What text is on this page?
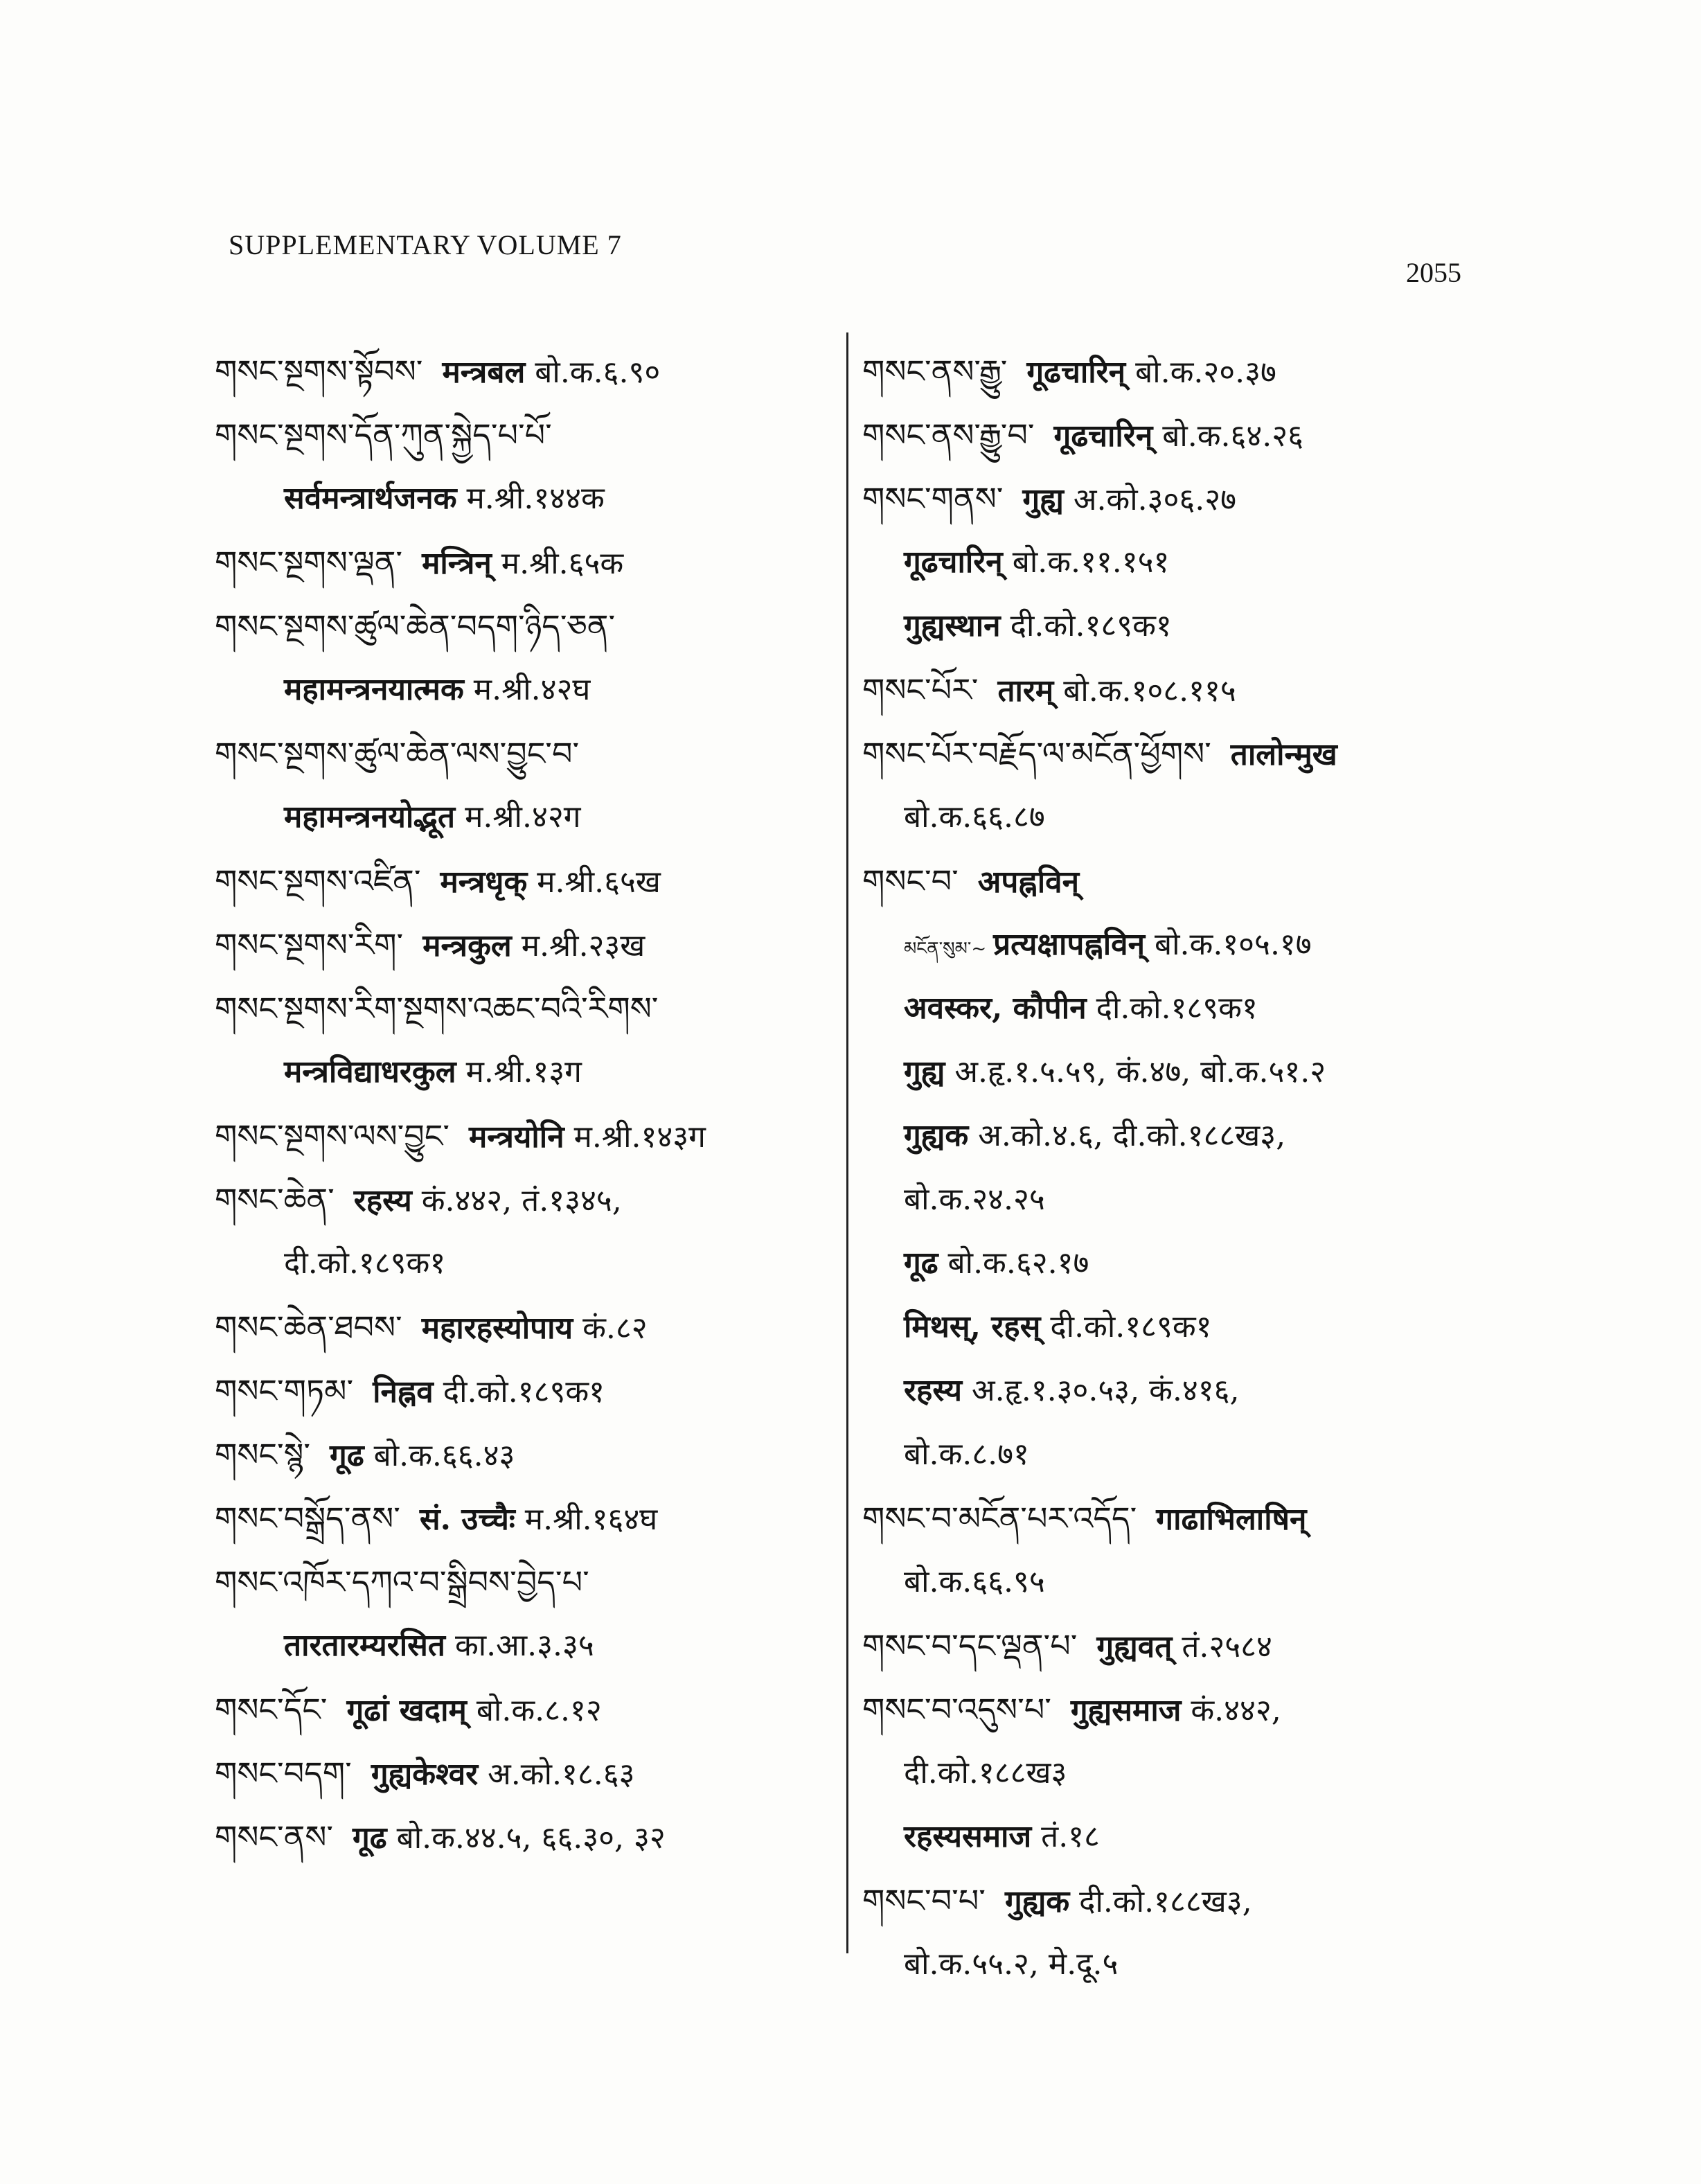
SUPPLEMENTARY VOLUME 7
2055
གསང་སྔགས་སྟོབས་ मन्त्रबल बो.क.६.९०
གསང་སྔགས་དོན་ཀུན་སྐྱེད་པ་པོ་
सर्वमन्त्रार्थजनक म.श्री.१४४क
གསང་སྔགས་ལྡན་ मन्त्रिन् म.श्री.६५क
གསང་སྔགས་ཚུལ་ཆེན་བདག་ཉིད་ཅན་
महामन्त्रनयात्मक म.श्री.४२घ
གསང་སྔགས་ཚུལ་ཆེན་ལས་བྱུང་བ་
महामन्त्रनयोद्भूत म.श्री.४२ग
གསང་སྔགས་འཛིན་ मन्त्रधृक् म.श्री.६५ख
གསང་སྔགས་རིག་ मन्त्रकुल म.श्री.२३ख
གསང་སྔགས་རིག་སྔགས་འཆང་བའི་རིགས་
मन्त्रविद्याधरकुल म.श्री.१३ग
གསང་སྔགས་ལས་བྱུང་ मन्त्रयोनि म.श्री.१४३ग
གསང་ཆེན་ रहस्य कं.४४२, तं.१३४५,
दी.को.१८९क१
གསང་ཆེན་ཐབས་ महारहस्योपाय कं.८२
གསང་གཏམ་ निह्नव दी.को.१८९क१
གསང་སྙེ་ गूढ बो.क.६६.४३
གསང་བསྒྲོད་ནས་ सं. उच्चैः म.श्री.१६४घ
གསང་འཁོར་དཀའ་བ་སྒྲིབས་བྱེད་པ་
तारतारम्यरसित का.आ.३.३५
གསང་དོང་ गूढां खदाम् बो.क.८.१२
གསང་བདག་ गुह्यकेश्वर अ.को.१८.६३
གསང་ནས་ गूढ बो.क.४४.५, ६६.३०, ३२
གསང་ནས་རྒྱུ་ गूढचारिन् बो.क.२०.३७
གསང་ནས་རྒྱུ་བ་ गूढचारिन् बो.क.६४.२६
གསང་གནས་ गुह्य अ.को.३०६.२७
गूढचारिन् बो.क.११.१५१
गुह्यस्थान दी.को.१८९क१
གསང་པོར་ तारम् बो.क.१०८.११५
གསང་པོར་བརྗོད་ལ་མངོན་ཕྱོགས་ तालोन्मुख
बो.क.६६.८७
གསང་བ་ अपह्नविन्
མངོན་སུམ་~ प्रत्यक्षापह्नविन् बो.क.१०५.१७
अवस्कर, कौपीन दी.को.१८९क१
गुह्य अ.हृ.१.५.५९, कं.४७, बो.क.५१.२
गुह्यक अ.को.४.६, दी.को.१८८ख३,
बो.क.२४.२५
गूढ बो.क.६२.१७
मिथस्, रहस् दी.को.१८९क१
रहस्य अ.हृ.१.३०.५३, कं.४१६,
बो.क.८.७१
གསང་བ་མངོན་པར་འདོད་ गाढाभिलाषिन्
बो.क.६६.९५
གསང་བ་དང་ལྡན་པ་ गुह्यवत् तं.२५८४
གསང་བ་འདུས་པ་ गुह्यसमाज कं.४४२,
दी.को.१८८ख३
रहस्यसमाज तं.१८
གསང་བ་པ་ गुह्यक दी.को.१८८ख३,
बो.क.५५.२, मे.दू.५
